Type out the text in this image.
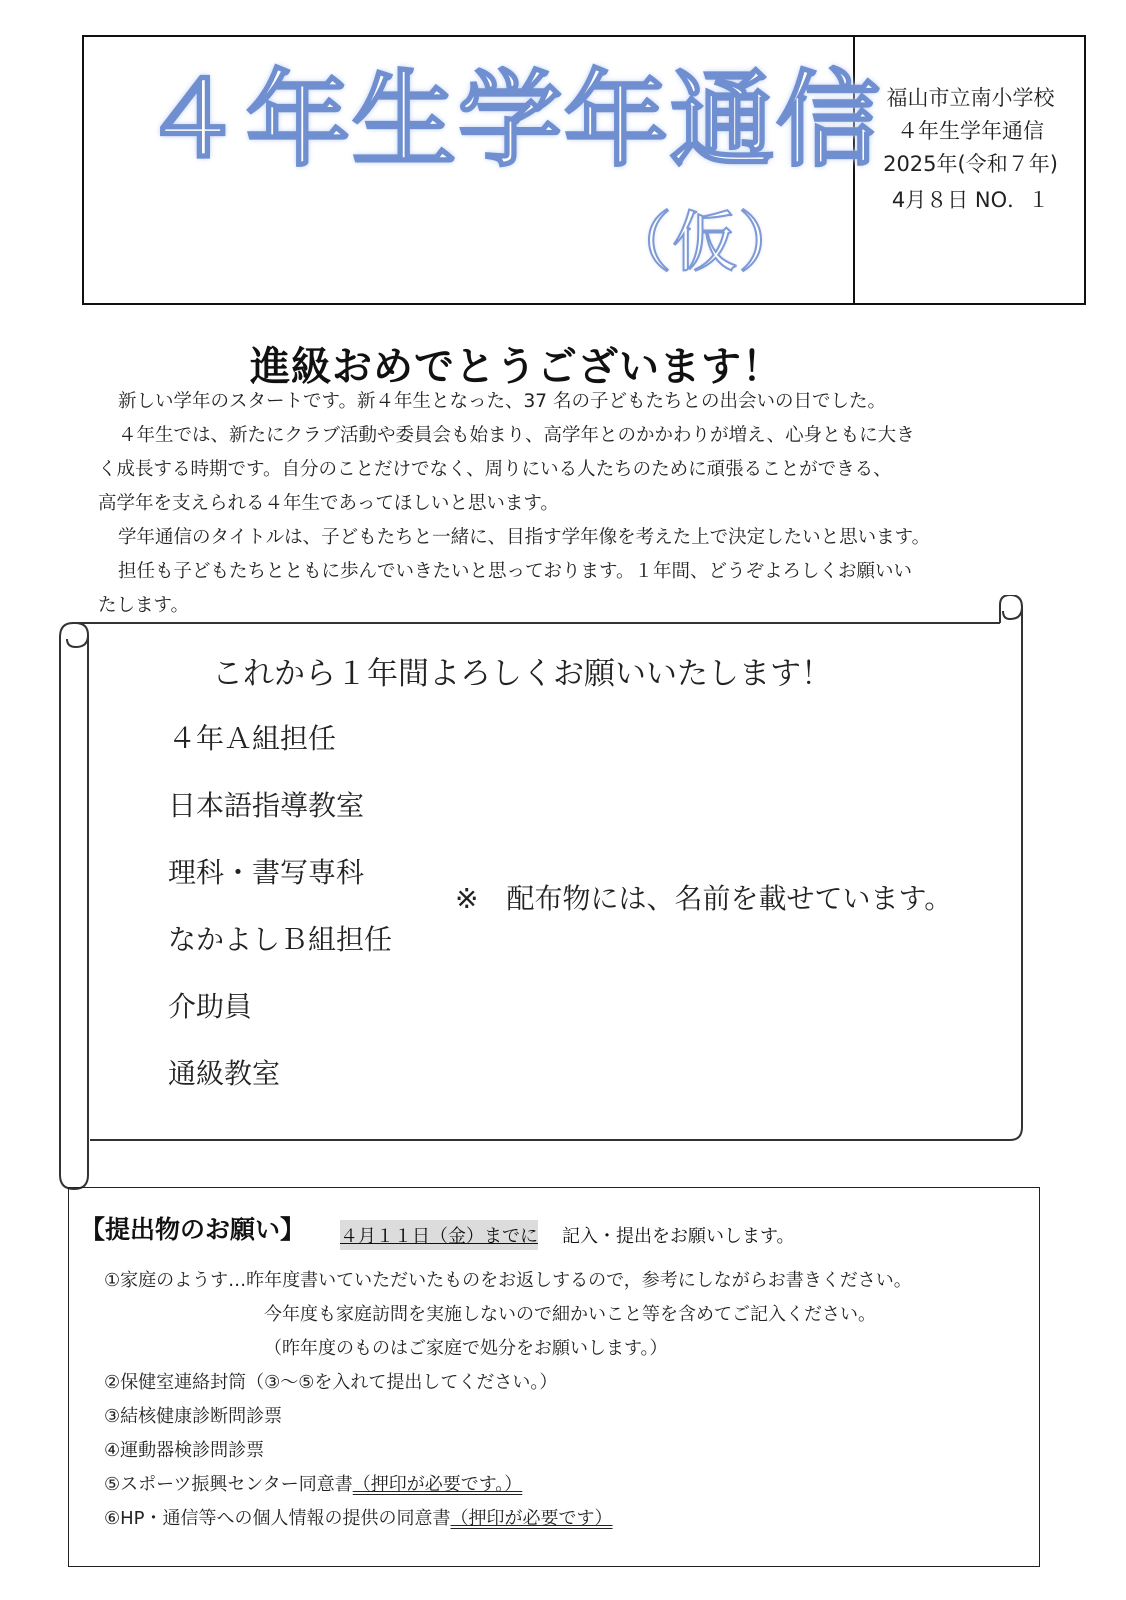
４年生学年通信
（仮）
福山市立南小学校
４年生学年通信
2025年(令和７年)
4月８日 NO．１
進級おめでとうございます！
新しい学年のスタートです。新４年生となった、37 名の子どもたちとの出会いの日でした。
４年生では、新たにクラブ活動や委員会も始まり、高学年とのかかわりが増え、心身ともに大き
く成長する時期です。自分のことだけでなく、周りにいる人たちのために頑張ることができる、
高学年を支えられる４年生であってほしいと思います。
学年通信のタイトルは、子どもたちと一緒に、目指す学年像を考えた上で決定したいと思います。
担任も子どもたちとともに歩んでいきたいと思っております。１年間、どうぞよろしくお願いい
たします。
これから１年間よろしくお願いいたします！
４年Ａ組担任
日本語指導教室
理科・書写専科
なかよしＢ組担任
介助員
通級教室
※　配布物には、名前を載せています。
【提出物のお願い】 ４月１１日（金）までに 記入・提出をお願いします。
①家庭のようす…昨年度書いていただいたものをお返しするので，参考にしながらお書きください。
今年度も家庭訪問を実施しないので細かいこと等を含めてご記入ください。
（昨年度のものはご家庭で処分をお願いします。）
②保健室連絡封筒（③～⑤を入れて提出してください。）
③結核健康診断問診票
④運動器検診問診票
⑤スポーツ振興センター同意書（押印が必要です。）
⑥HP・通信等への個人情報の提供の同意書（押印が必要です）
